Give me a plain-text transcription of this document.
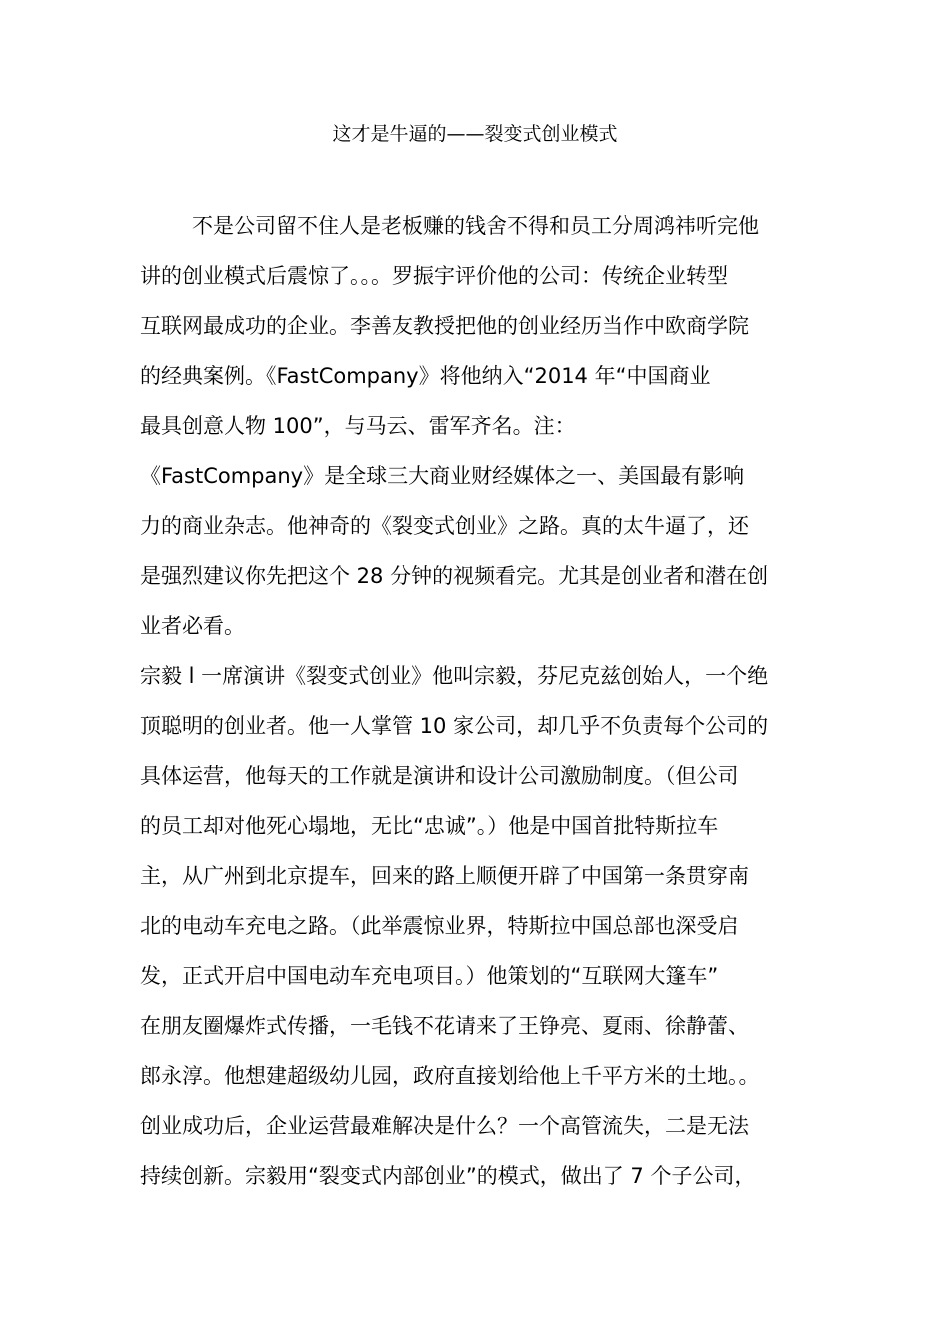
这才是牛逼的——裂变式创业模式
不是公司留不住人是老板赚的钱舍不得和员工分周鸿祎听完他
讲的创业模式后震惊了。。。罗振宇评价他的公司：传统企业转型
互联网最成功的企业。李善友教授把他的创业经历当作中欧商学院
的经典案例。《FastCompany》将他纳入“2014 年“中国商业
最具创意人物 100”，与马云、雷军齐名。注：
《FastCompany》是全球三大商业财经媒体之一、美国最有影响
力的商业杂志。他神奇的《裂变式创业》之路。真的太牛逼了，还
是强烈建议你先把这个 28 分钟的视频看完。尤其是创业者和潜在创
业者必看。
宗毅 l 一席演讲《裂变式创业》他叫宗毅，芬尼克兹创始人，一个绝
顶聪明的创业者。他一人掌管 10 家公司，却几乎不负责每个公司的
具体运营，他每天的工作就是演讲和设计公司激励制度。（但公司
的员工却对他死心塌地，无比“忠诚”。）他是中国首批特斯拉车
主，从广州到北京提车，回来的路上顺便开辟了中国第一条贯穿南
北的电动车充电之路。（此举震惊业界，特斯拉中国总部也深受启
发，正式开启中国电动车充电项目。）他策划的“互联网大篷车”
在朋友圈爆炸式传播，一毛钱不花请来了王铮亮、夏雨、徐静蕾、
郎永淳。他想建超级幼儿园，政府直接划给他上千平方米的土地。。
创业成功后，企业运营最难解决是什么？一个高管流失，二是无法
持续创新。宗毅用“裂变式内部创业”的模式，做出了 7 个子公司，
